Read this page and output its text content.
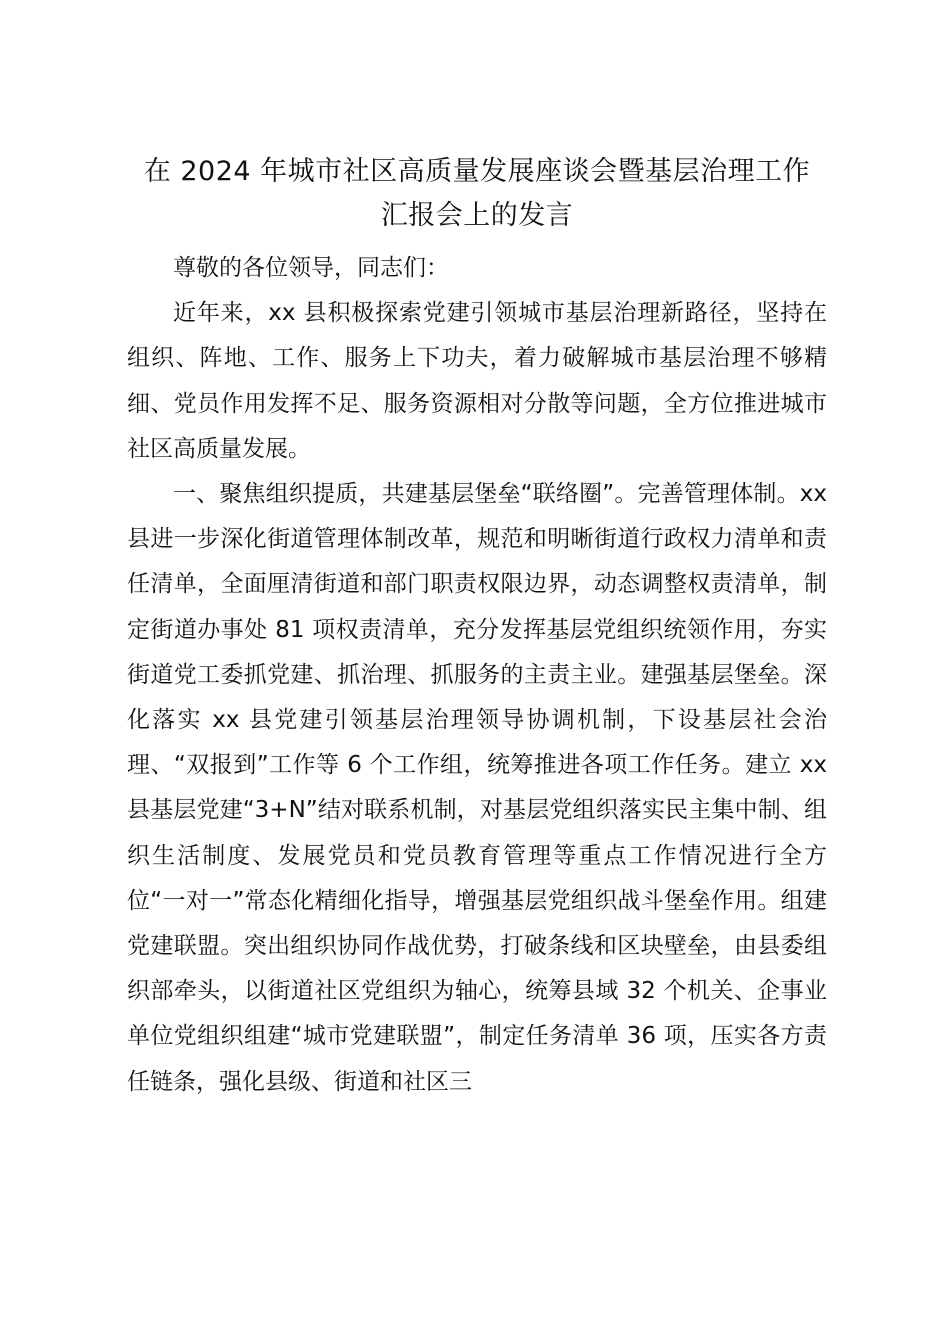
在 2024 年城市社区高质量发展座谈会暨基层治理工作
汇报会上的发言

尊敬的各位领导，同志们：

近年来，xx 县积极探索党建引领城市基层治理新路径，坚持在组织、阵地、工作、服务上下功夫，着力破解城市基层治理不够精细、党员作用发挥不足、服务资源相对分散等问题，全方位推进城市社区高质量发展。

一、聚焦组织提质，共建基层堡垒“联络圈”。完善管理体制。xx 县进一步深化街道管理体制改革，规范和明晰街道行政权力清单和责任清单，全面厘清街道和部门职责权限边界，动态调整权责清单，制定街道办事处 81 项权责清单，充分发挥基层党组织统领作用，夯实街道党工委抓党建、抓治理、抓服务的主责主业。建强基层堡垒。深化落实 xx 县党建引领基层治理领导协调机制，下设基层社会治理、“双报到”工作等 6 个工作组，统筹推进各项工作任务。建立 xx 县基层党建“3+N”结对联系机制，对基层党组织落实民主集中制、组织生活制度、发展党员和党员教育管理等重点工作情况进行全方位“一对一”常态化精细化指导，增强基层党组织战斗堡垒作用。组建党建联盟。突出组织协同作战优势，打破条线和区块壁垒，由县委组织部牵头，以街道社区党组织为轴心，统筹县域 32 个机关、企事业单位党组织组建“城市党建联盟”，制定任务清单 36 项，压实各方责任链条，强化县级、街道和社区三
